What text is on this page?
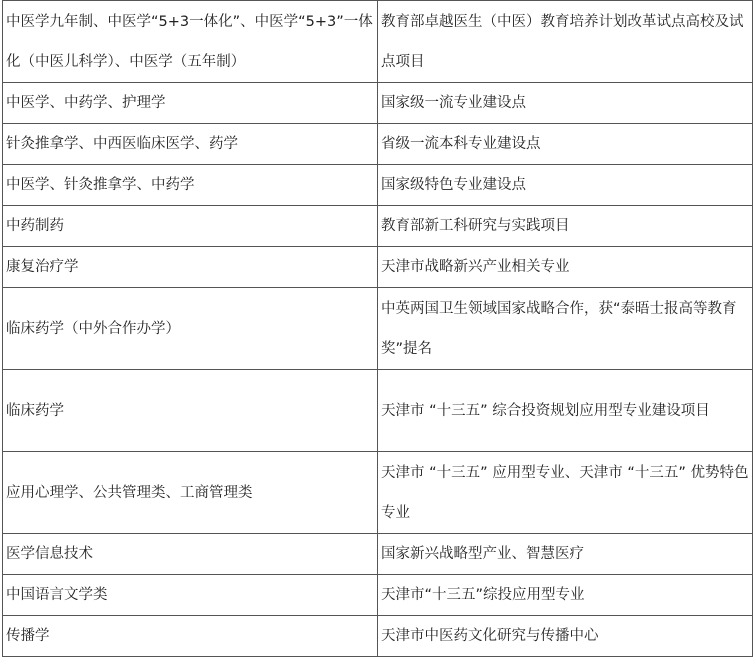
中医学九年制、中医学“5+3一体化”、中医学“5+3”一体化（中医儿科学）、中医学（五年制）	教育部卓越医生（中医）教育培养计划改革试点高校及试点项目
中医学、中药学、护理学	国家级一流专业建设点
针灸推拿学、中西医临床医学、药学	省级一流本科专业建设点
中医学、针灸推拿学、中药学	国家级特色专业建设点
中药制药	教育部新工科研究与实践项目
康复治疗学	天津市战略新兴产业相关专业
临床药学（中外合作办学）	中英两国卫生领域国家战略合作，获“泰晤士报高等教育奖”提名
临床药学	天津市 “十三五” 综合投资规划应用型专业建设项目
应用心理学、公共管理类、工商管理类	天津市 “十三五” 应用型专业、天津市 “十三五” 优势特色专业
医学信息技术	国家新兴战略型产业、智慧医疗
中国语言文学类	天津市“十三五”综投应用型专业
传播学	天津市中医药文化研究与传播中心
